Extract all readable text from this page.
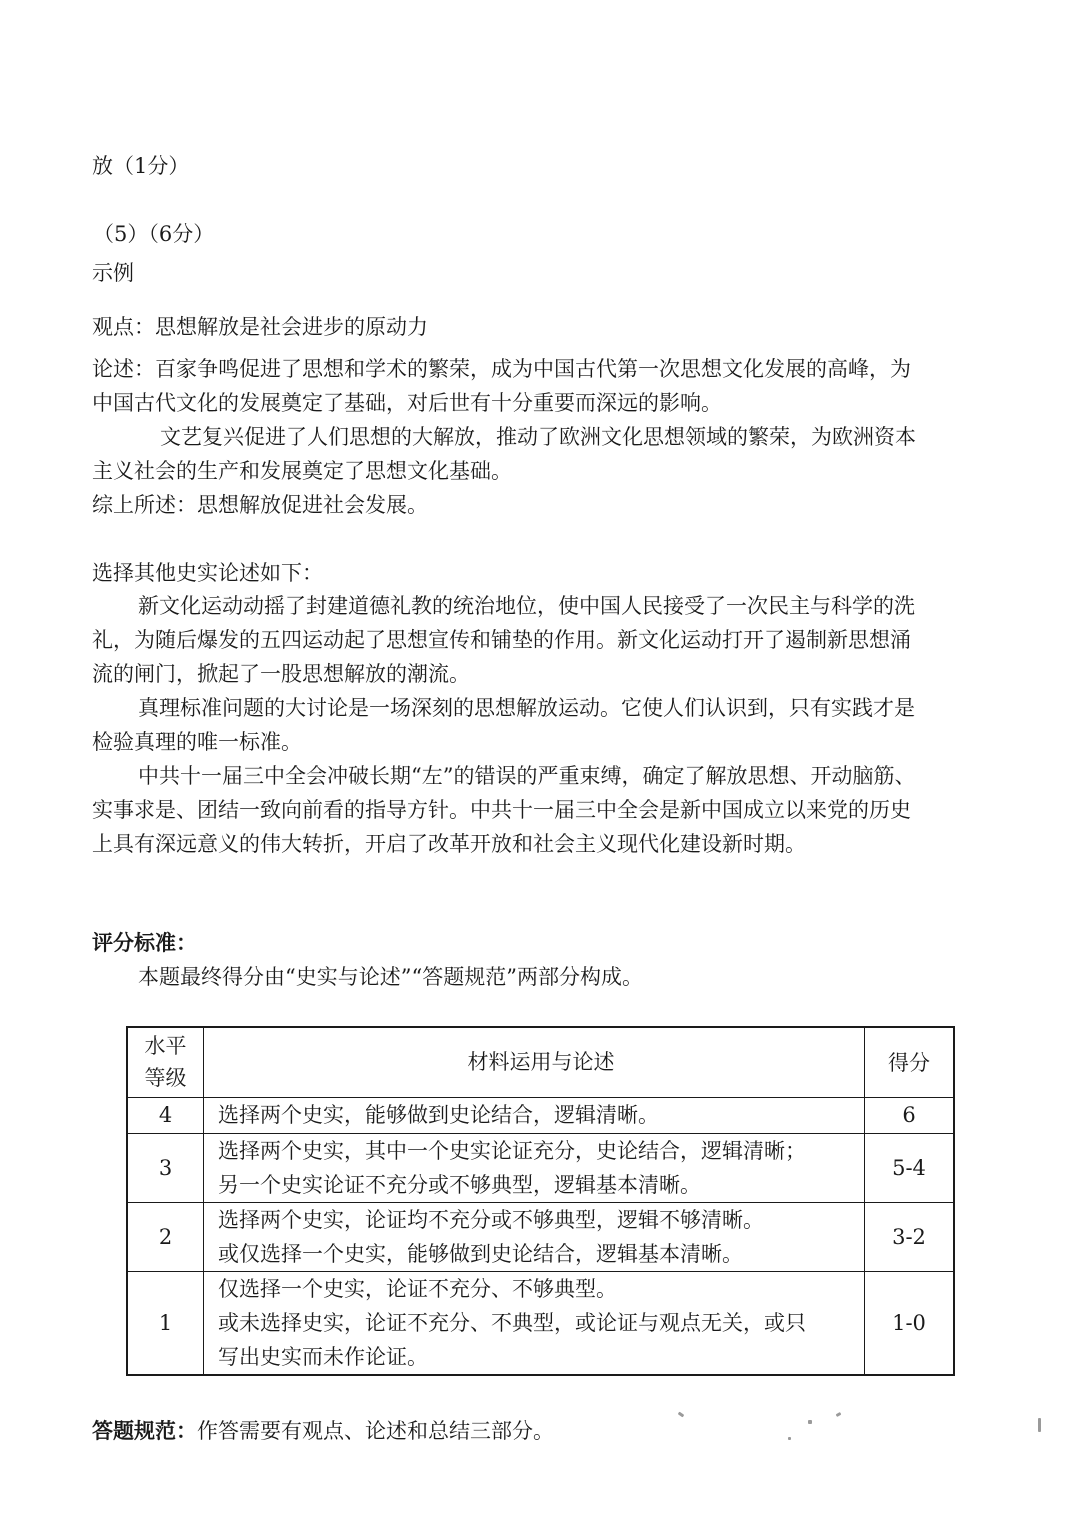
放（1分）
（5）（6分）
示例
观点：思想解放是社会进步的原动力
论述：百家争鸣促进了思想和学术的繁荣，成为中国古代第一次思想文化发展的高峰，为
中国古代文化的发展奠定了基础，对后世有十分重要而深远的影响。
文艺复兴促进了人们思想的大解放，推动了欧洲文化思想领域的繁荣，为欧洲资本
主义社会的生产和发展奠定了思想文化基础。
综上所述：思想解放促进社会发展。
选择其他史实论述如下：
新文化运动动摇了封建道德礼教的统治地位，使中国人民接受了一次民主与科学的洗
礼，为随后爆发的五四运动起了思想宣传和铺垫的作用。新文化运动打开了遏制新思想涌
流的闸门，掀起了一股思想解放的潮流。
真理标准问题的大讨论是一场深刻的思想解放运动。它使人们认识到，只有实践才是
检验真理的唯一标准。
中共十一届三中全会冲破长期“左”的错误的严重束缚，确定了解放思想、开动脑筋、
实事求是、团结一致向前看的指导方针。中共十一届三中全会是新中国成立以来党的历史
上具有深远意义的伟大转折，开启了改革开放和社会主义现代化建设新时期。
评分标准：
本题最终得分由“史实与论述”“答题规范”两部分构成。
水平
等级	材料运用与论述	得分
4	选择两个史实，能够做到史论结合，逻辑清晰。	6
3	选择两个史实，其中一个史实论证充分，史论结合，逻辑清晰；
另一个史实论证不充分或不够典型，逻辑基本清晰。	5-4
2	选择两个史实，论证均不充分或不够典型，逻辑不够清晰。
或仅选择一个史实，能够做到史论结合，逻辑基本清晰。	3-2
1	仅选择一个史实，论证不充分、不够典型。
或未选择史实，论证不充分、不典型，或论证与观点无关，或只
写出史实而未作论证。	1-0
答题规范：作答需要有观点、论述和总结三部分。
